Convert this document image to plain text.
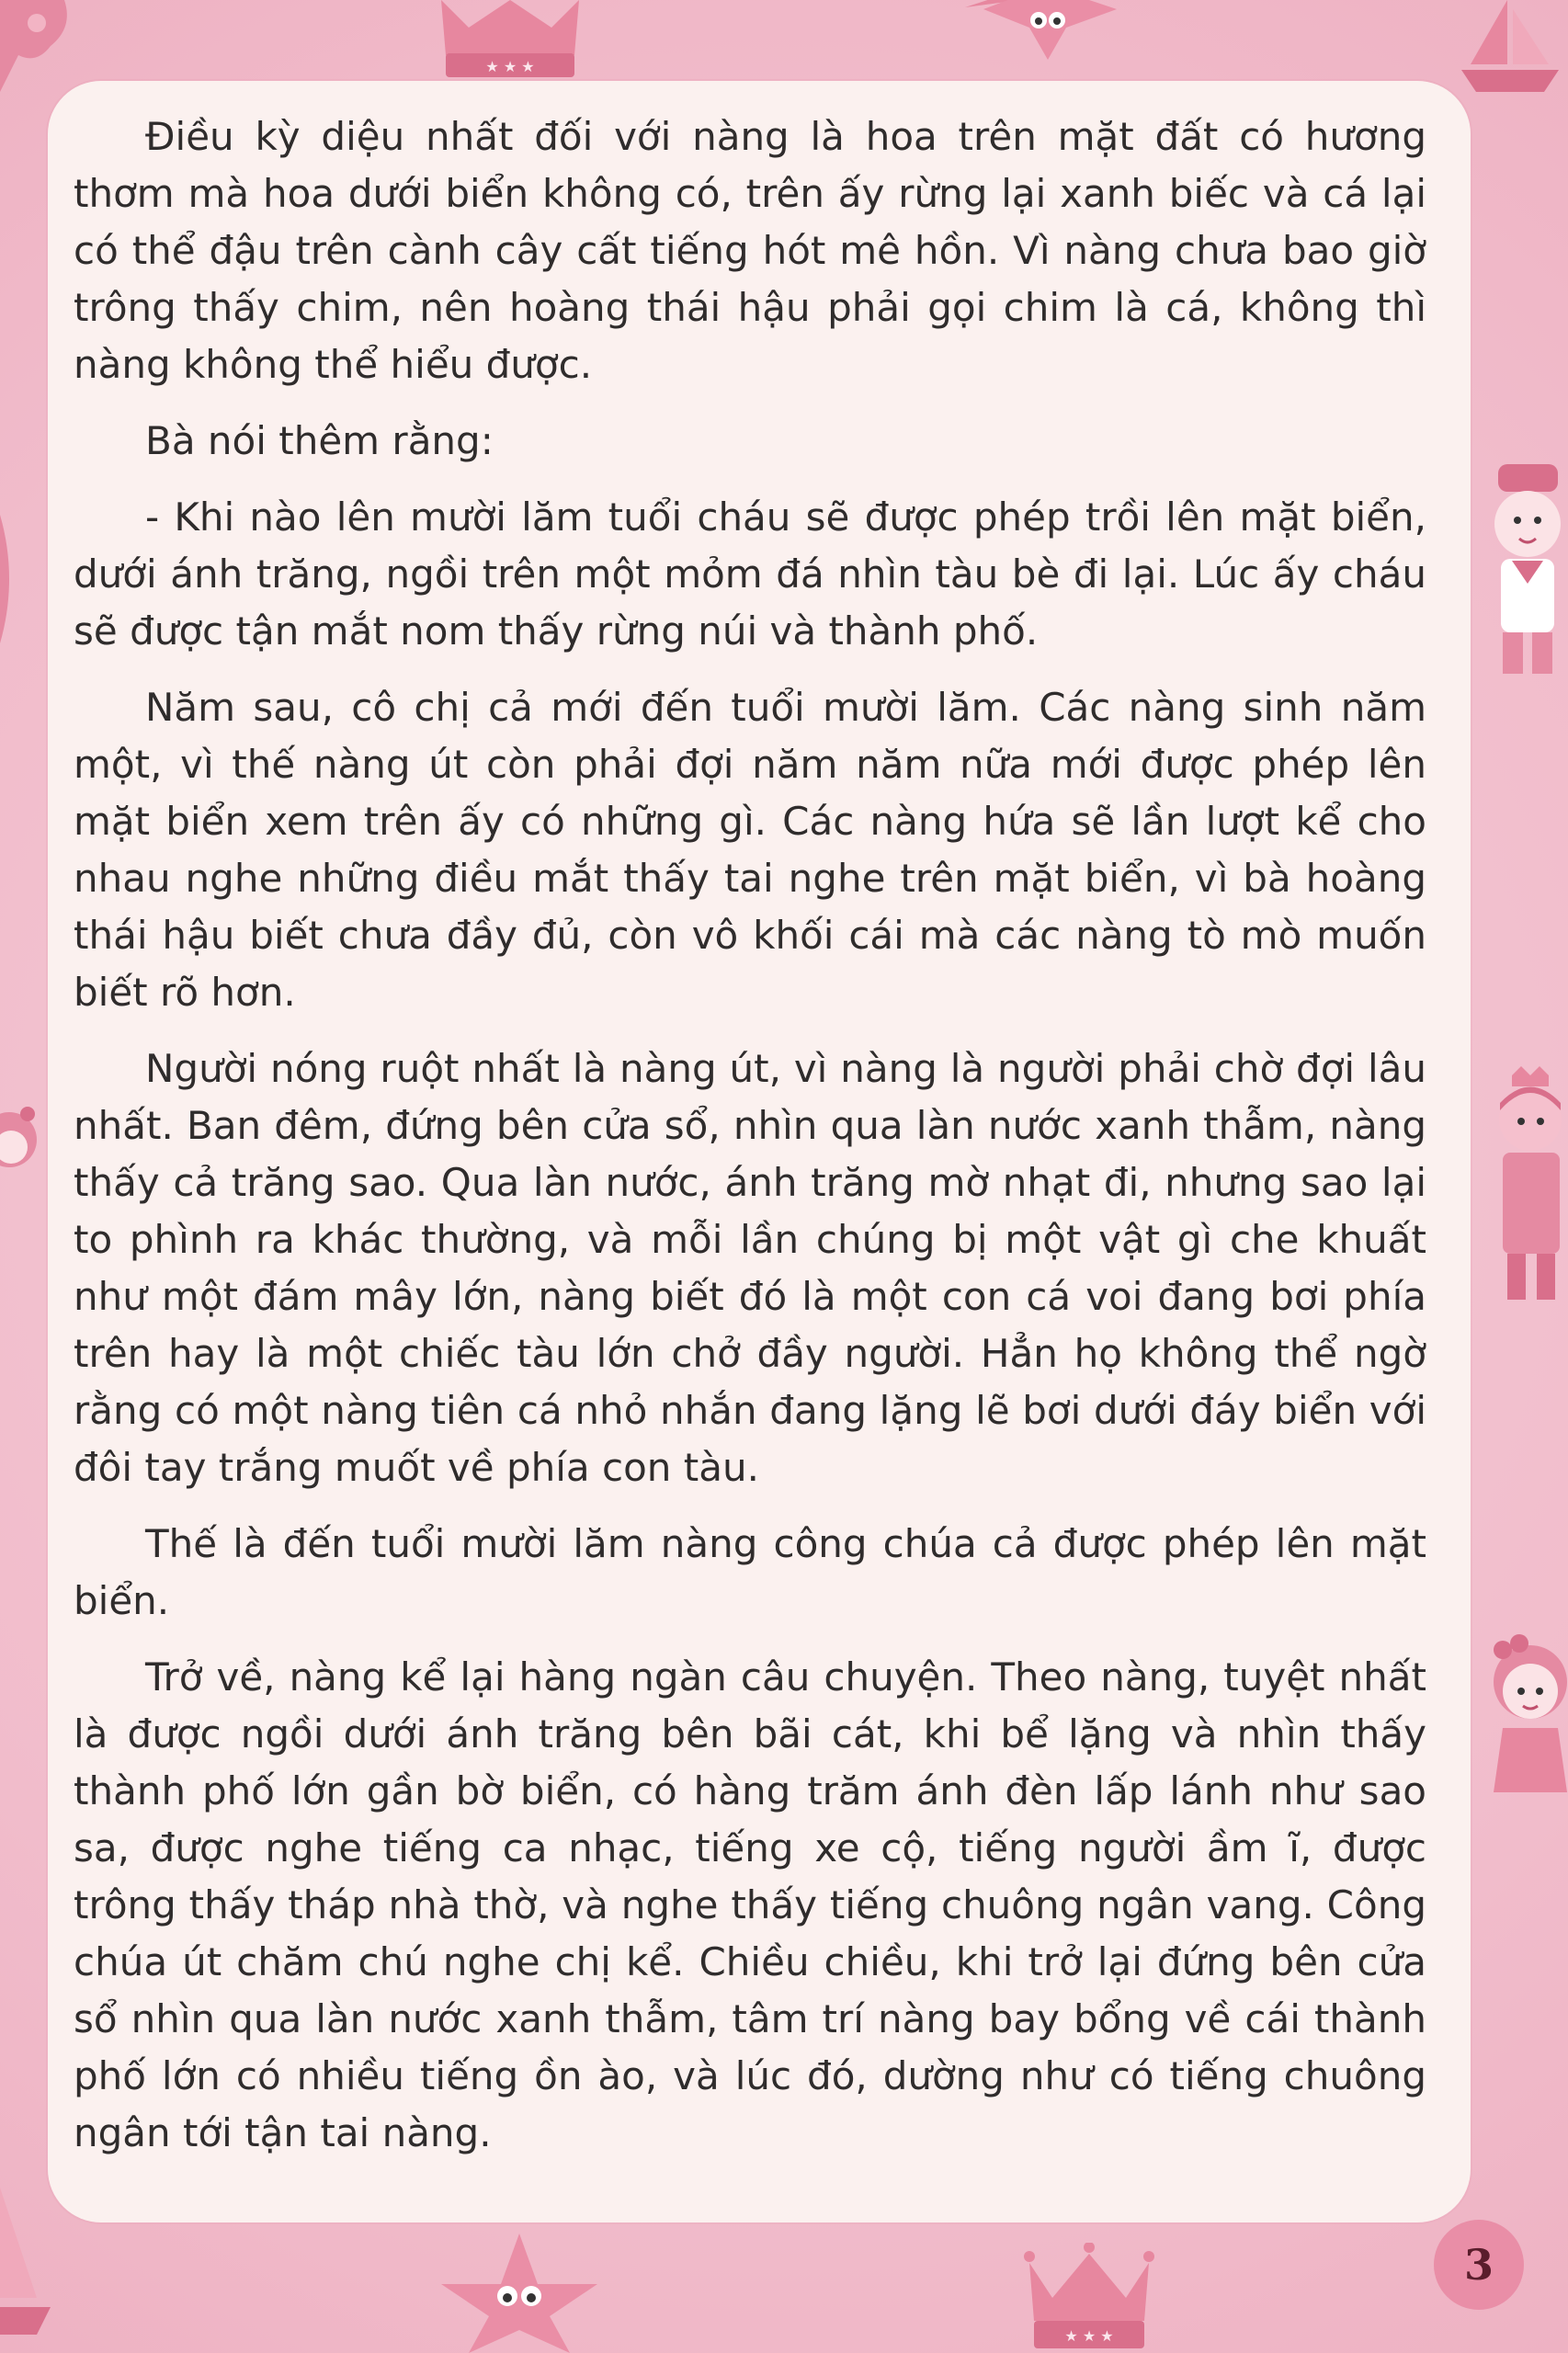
★ ★ ★
★ ★ ★

Điều kỳ diệu nhất đối với nàng là hoa trên mặt đất có hương thơm mà hoa dưới biển không có, trên ấy rừng lại xanh biếc và cá lại có thể đậu trên cành cây cất tiếng hót mê hồn. Vì nàng chưa bao giờ trông thấy chim, nên hoàng thái hậu phải gọi chim là cá, không thì nàng không thể hiểu được.

Bà nói thêm rằng:

- Khi nào lên mười lăm tuổi cháu sẽ được phép trồi lên mặt biển, dưới ánh trăng, ngồi trên một mỏm đá nhìn tàu bè đi lại. Lúc ấy cháu sẽ được tận mắt nom thấy rừng núi và thành phố.

Năm sau, cô chị cả mới đến tuổi mười lăm. Các nàng sinh năm một, vì thế nàng út còn phải đợi năm năm nữa mới được phép lên mặt biển xem trên ấy có những gì. Các nàng hứa sẽ lần lượt kể cho nhau nghe những điều mắt thấy tai nghe trên mặt biển, vì bà hoàng thái hậu biết chưa đầy đủ, còn vô khối cái mà các nàng tò mò muốn biết rõ hơn.

Người nóng ruột nhất là nàng út, vì nàng là người phải chờ đợi lâu nhất. Ban đêm, đứng bên cửa sổ, nhìn qua làn nước xanh thẫm, nàng thấy cả trăng sao. Qua làn nước, ánh trăng mờ nhạt đi, nhưng sao lại to phình ra khác thường, và mỗi lần chúng bị một vật gì che khuất như một đám mây lớn, nàng biết đó là một con cá voi đang bơi phía trên hay là một chiếc tàu lớn chở đầy người. Hẳn họ không thể ngờ rằng có một nàng tiên cá nhỏ nhắn đang lặng lẽ bơi dưới đáy biển với đôi tay trắng muốt về phía con tàu.

Thế là đến tuổi mười lăm nàng công chúa cả được phép lên mặt biển.

Trở về, nàng kể lại hàng ngàn câu chuyện. Theo nàng, tuyệt nhất là được ngồi dưới ánh trăng bên bãi cát, khi bể lặng và nhìn thấy thành phố lớn gần bờ biển, có hàng trăm ánh đèn lấp lánh như sao sa, được nghe tiếng ca nhạc, tiếng xe cộ, tiếng người ầm ĩ, được trông thấy tháp nhà thờ, và nghe thấy tiếng chuông ngân vang. Công chúa út chăm chú nghe chị kể. Chiều chiều, khi trở lại đứng bên cửa sổ nhìn qua làn nước xanh thẫm, tâm trí nàng bay bổng về cái thành phố lớn có nhiều tiếng ồn ào, và lúc đó, dường như có tiếng chuông ngân tới tận tai nàng.

3
